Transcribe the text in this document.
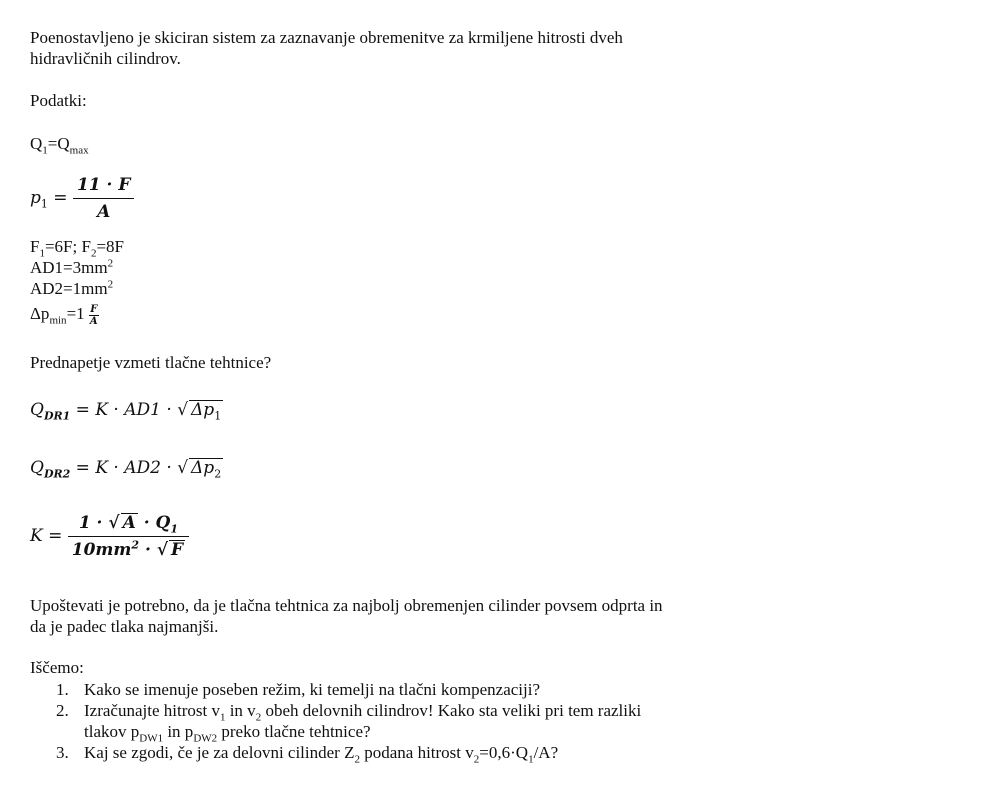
Poenostavljeno je skiciran sistem za zaznavanje obremenitve za krmiljene hitrosti dveh
hidravličnih cilindrov.
Podatki:
$Q_1=Q_{max}$
$p_1 = \frac{11 \cdot F}{A}$
$F_1=6F$; $F_2=8F$
$AD1=3mm^2$
$AD2=1mm^2$
$\Delta p_{min}=1 \frac{F}{A}$
Prednapetje vzmeti tlačne tehtnice?
$Q_{DR1} = K \cdot AD1$ · √ $\Delta p_1$
$Q_{DR2} = K \cdot AD2$ · √ $\Delta p_2$
$K = \frac{1 \cdot √ A \cdot Q_1}{10mm^2 \cdot √ F}$
Upoštevati je potrebno, da je tlačna tehtnica za najbolj obremenjen cilinder povsem odprta in
da je padec tlaka najmanjši.
Iščemo:
1. Kako se imenuje poseben režim, ki temelji na tlačni kompenzaciji?
2. Izračunajte hitrost $v_1$ in $v_2$ obeh delovnih cilindrov! Kako sta veliki pri tem razliki
tlakov $p_{DW1}$ in $p_{DW2}$ preko tlačne tehtnice?
3. Kaj se zgodi, če je za delovni cilinder $Z_2$ podana hitrost $v_2=0,6\cdot Q_1/A$?
